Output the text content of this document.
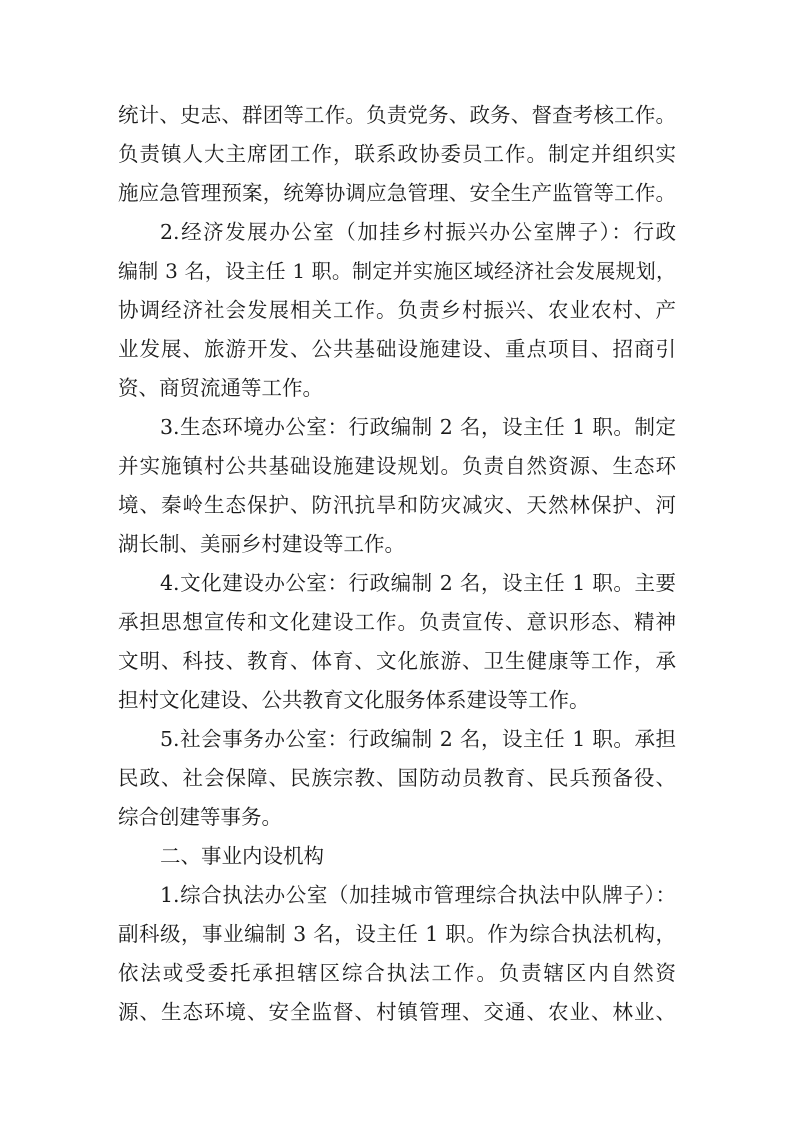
统计、史志、群团等工作。负责党务、政务、督查考核工作。
负责镇人大主席团工作，联系政协委员工作。制定并组织实
施应急管理预案，统筹协调应急管理、安全生产监管等工作。
2.经济发展办公室（加挂乡村振兴办公室牌子）：行政
编制 3 名，设主任 1 职。制定并实施区域经济社会发展规划，
协调经济社会发展相关工作。负责乡村振兴、农业农村、产
业发展、旅游开发、公共基础设施建设、重点项目、招商引
资、商贸流通等工作。
3.生态环境办公室：行政编制 2 名，设主任 1 职。制定
并实施镇村公共基础设施建设规划。负责自然资源、生态环
境、秦岭生态保护、防汛抗旱和防灾减灾、天然林保护、河
湖长制、美丽乡村建设等工作。
4.文化建设办公室：行政编制 2 名，设主任 1 职。主要
承担思想宣传和文化建设工作。负责宣传、意识形态、精神
文明、科技、教育、体育、文化旅游、卫生健康等工作，承
担村文化建设、公共教育文化服务体系建设等工作。
5.社会事务办公室：行政编制 2 名，设主任 1 职。承担
民政、社会保障、民族宗教、国防动员教育、民兵预备役、
综合创建等事务。
二、事业内设机构
1.综合执法办公室（加挂城市管理综合执法中队牌子）：
副科级，事业编制 3 名，设主任 1 职。作为综合执法机构，
依法或受委托承担辖区综合执法工作。负责辖区内自然资
源、生态环境、安全监督、村镇管理、交通、农业、林业、
